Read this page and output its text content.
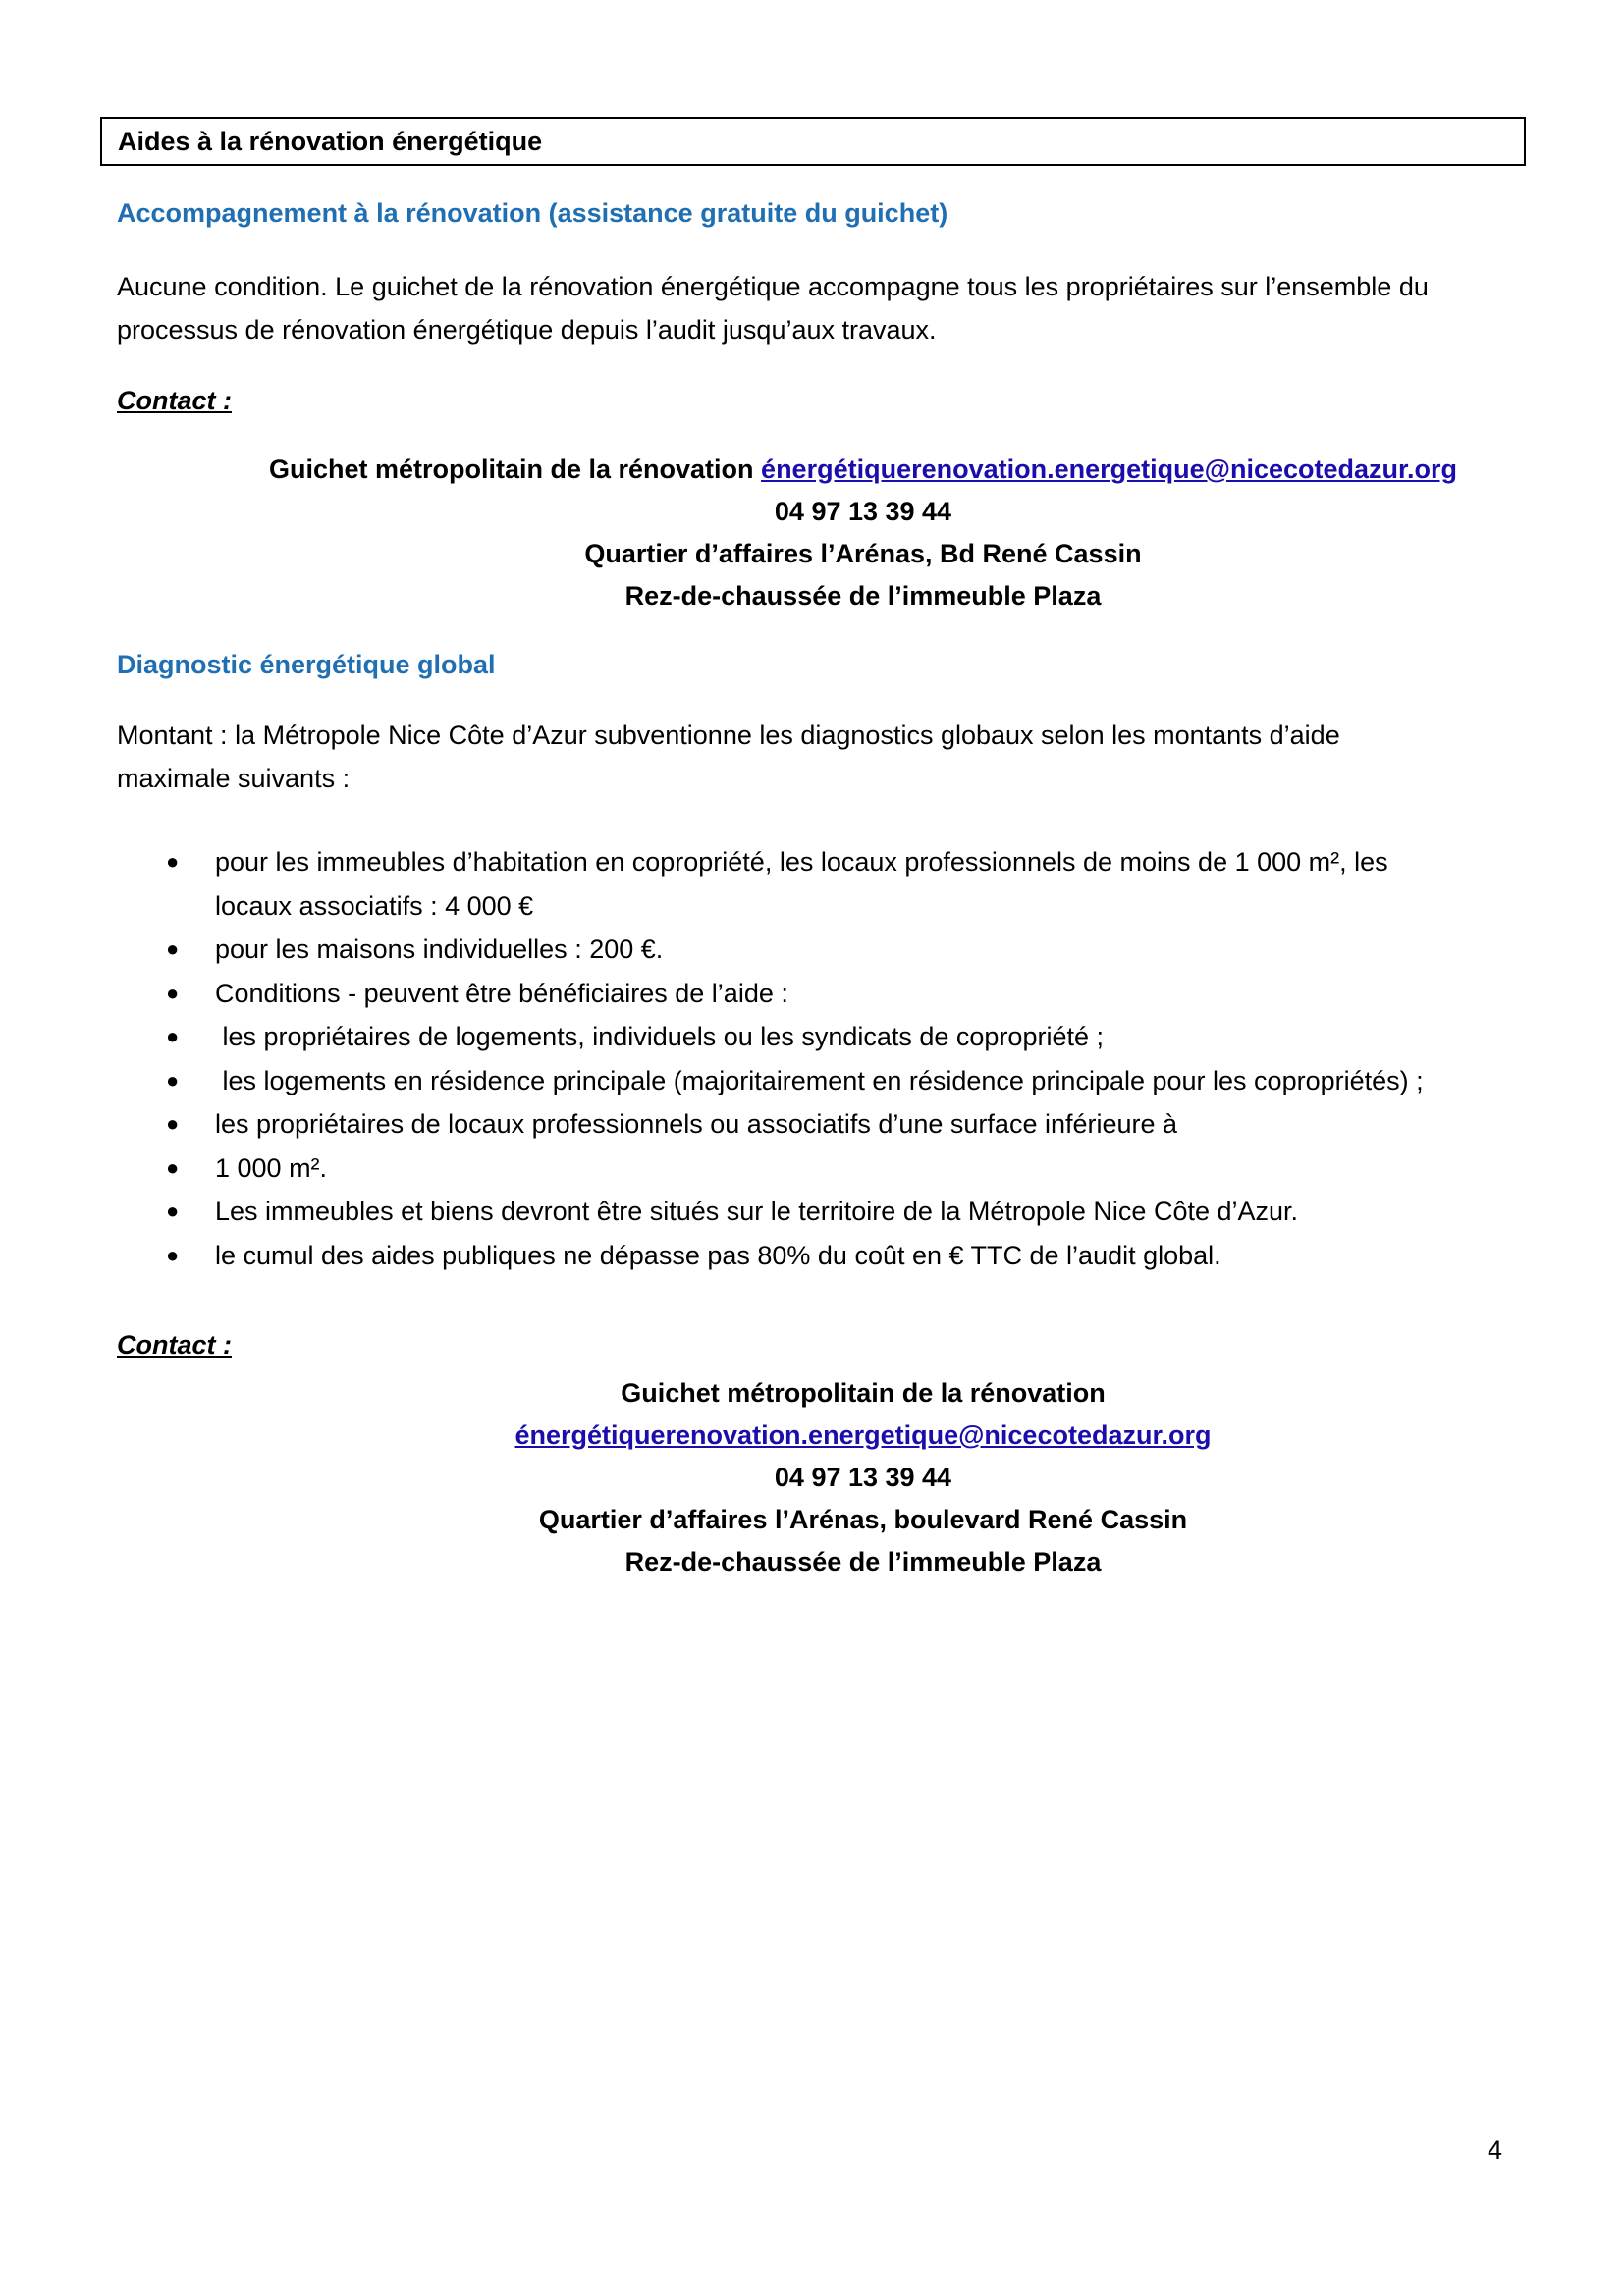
Aides à la rénovation énergétique
Accompagnement à la rénovation (assistance gratuite du guichet)
Aucune condition. Le guichet de la rénovation énergétique accompagne tous les propriétaires sur l’ensemble du
processus de rénovation énergétique depuis l’audit jusqu’aux travaux.
Contact :
Guichet métropolitain de la rénovation énergétiquerenovation.energetique@nicecotedazur.org
04 97 13 39 44
Quartier d’affaires l’Arénas, Bd René Cassin
Rez-de-chaussée de l’immeuble Plaza
Diagnostic énergétique global
Montant : la Métropole Nice Côte d’Azur subventionne les diagnostics globaux selon les montants d’aide
maximale suivants :
● pour les immeubles d’habitation en copropriété, les locaux professionnels de moins de 1 000 m², les
locaux associatifs : 4 000 €
● pour les maisons individuelles : 200 €.
● Conditions - peuvent être bénéficiaires de l’aide :
● les propriétaires de logements, individuels ou les syndicats de copropriété ;
● les logements en résidence principale (majoritairement en résidence principale pour les copropriétés) ;
● les propriétaires de locaux professionnels ou associatifs d’une surface inférieure à
● 1 000 m².
● Les immeubles et biens devront être situés sur le territoire de la Métropole Nice Côte d’Azur.
● le cumul des aides publiques ne dépasse pas 80% du coût en € TTC de l’audit global.
Contact :
Guichet métropolitain de la rénovation
énergétiquerenovation.energetique@nicecotedazur.org
04 97 13 39 44
Quartier d’affaires l’Arénas, boulevard René Cassin
Rez-de-chaussée de l’immeuble Plaza
4
